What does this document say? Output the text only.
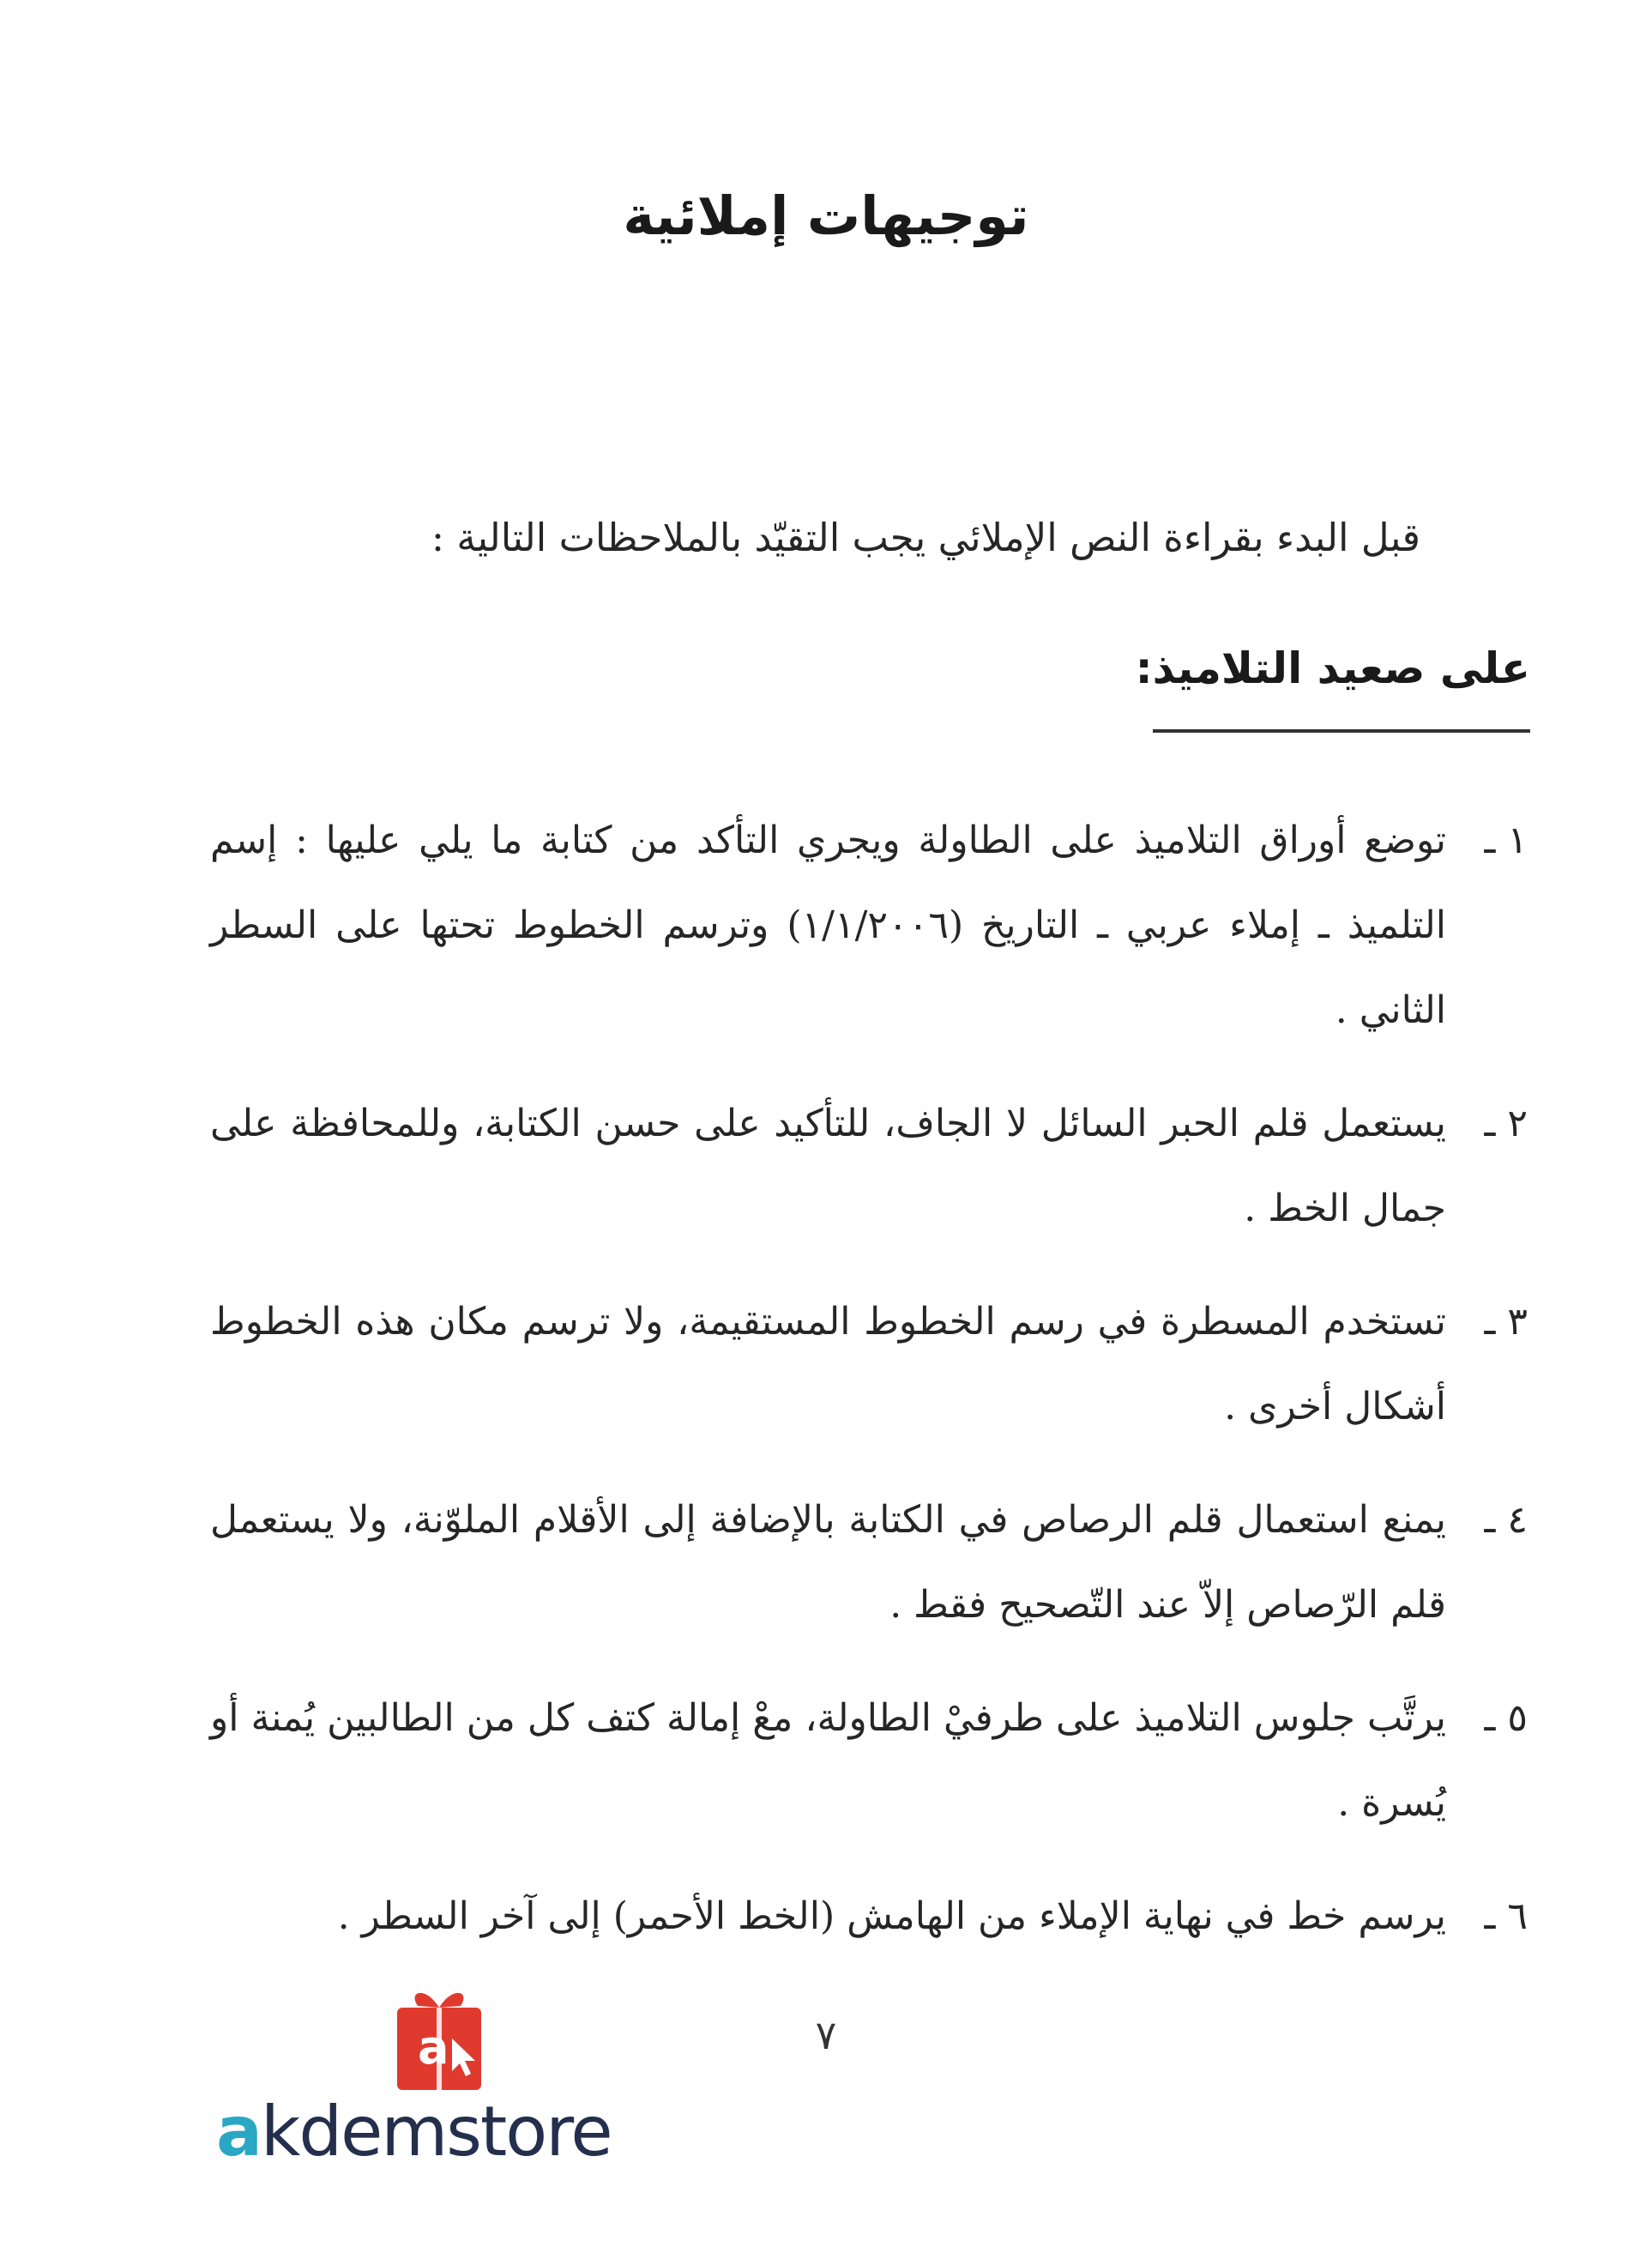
توجيهات إملائية
قبل البدء بقراءة النص الإملائي يجب التقيّد بالملاحظات التالية :
على صعيد التلاميذ:
١ ـ
توضع أوراق التلاميذ على الطاولة ويجري التأكد من كتابة ما يلي عليها : إسم التلميذ ـ إملاء عربي ـ التاريخ (١/١/٢٠٠٦) وترسم الخطوط تحتها على السطر الثاني .
٢ ـ
يستعمل قلم الحبر السائل لا الجاف، للتأكيد على حسن الكتابة، وللمحافظة على جمال الخط .
٣ ـ
تستخدم المسطرة في رسم الخطوط المستقيمة، ولا ترسم مكان هذه الخطوط أشكال أخرى .
٤ ـ
يمنع استعمال قلم الرصاص في الكتابة بالإضافة إلى الأقلام الملوّنة، ولا يستعمل قلم الرّصاص إلاّ عند التّصحيح فقط .
٥ ـ
يرتَّب جلوس التلاميذ على طرفيْ الطاولة، معْ إمالة كتف كل من الطالبين يُمنة أو يُسرة .
٦ ـ
يرسم خط في نهاية الإملاء من الهامش (الخط الأحمر) إلى آخر السطر .
٧
a
akdemstore
